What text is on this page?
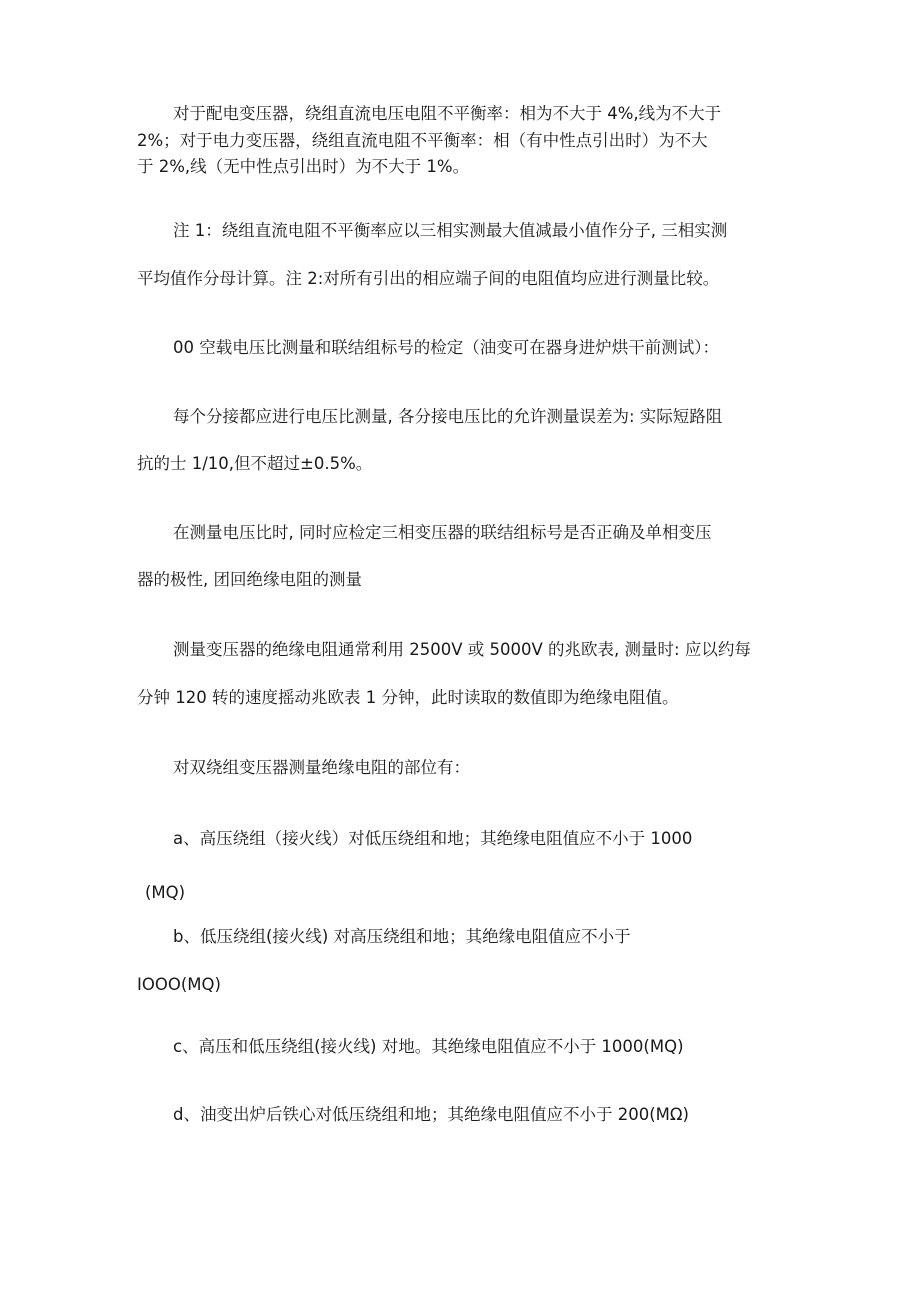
对于配电变压器，绕组直流电压电阻不平衡率：相为不大于 4%,线为不大于
2%；对于电力变压器，绕组直流电阻不平衡率：相（有中性点引出时）为不大
于 2%,线（无中性点引出时）为不大于 1%。
注 1：绕组直流电阻不平衡率应以三相实测最大值减最小值作分子, 三相实测
平均值作分母计算。注 2:对所有引出的相应端子间的电阻值均应进行测量比较。
00 空载电压比测量和联结组标号的检定（油变可在器身进炉烘干前测试）：
每个分接都应进行电压比测量, 各分接电压比的允许测量误差为: 实际短路阻
抗的士 1/10,但不超过±0.5%。
在测量电压比时, 同时应检定三相变压器的联结组标号是否正确及单相变压
器的极性, 团回绝缘电阻的测量
测量变压器的绝缘电阻通常利用 2500V 或 5000V 的兆欧表, 测量时: 应以约每
分钟 120 转的速度摇动兆欧表 1 分钟，此时读取的数值即为绝缘电阻值。
对双绕组变压器测量绝缘电阻的部位有：
a、高压绕组（接火线）对低压绕组和地；其绝缘电阻值应不小于 1000
(MQ)
b、低压绕组(接火线) 对高压绕组和地；其绝缘电阻值应不小于
IOOO(MQ)
c、高压和低压绕组(接火线) 对地。其绝缘电阻值应不小于 1000(MQ)
d、油变出炉后铁心对低压绕组和地；其绝缘电阻值应不小于 200(MΩ)
